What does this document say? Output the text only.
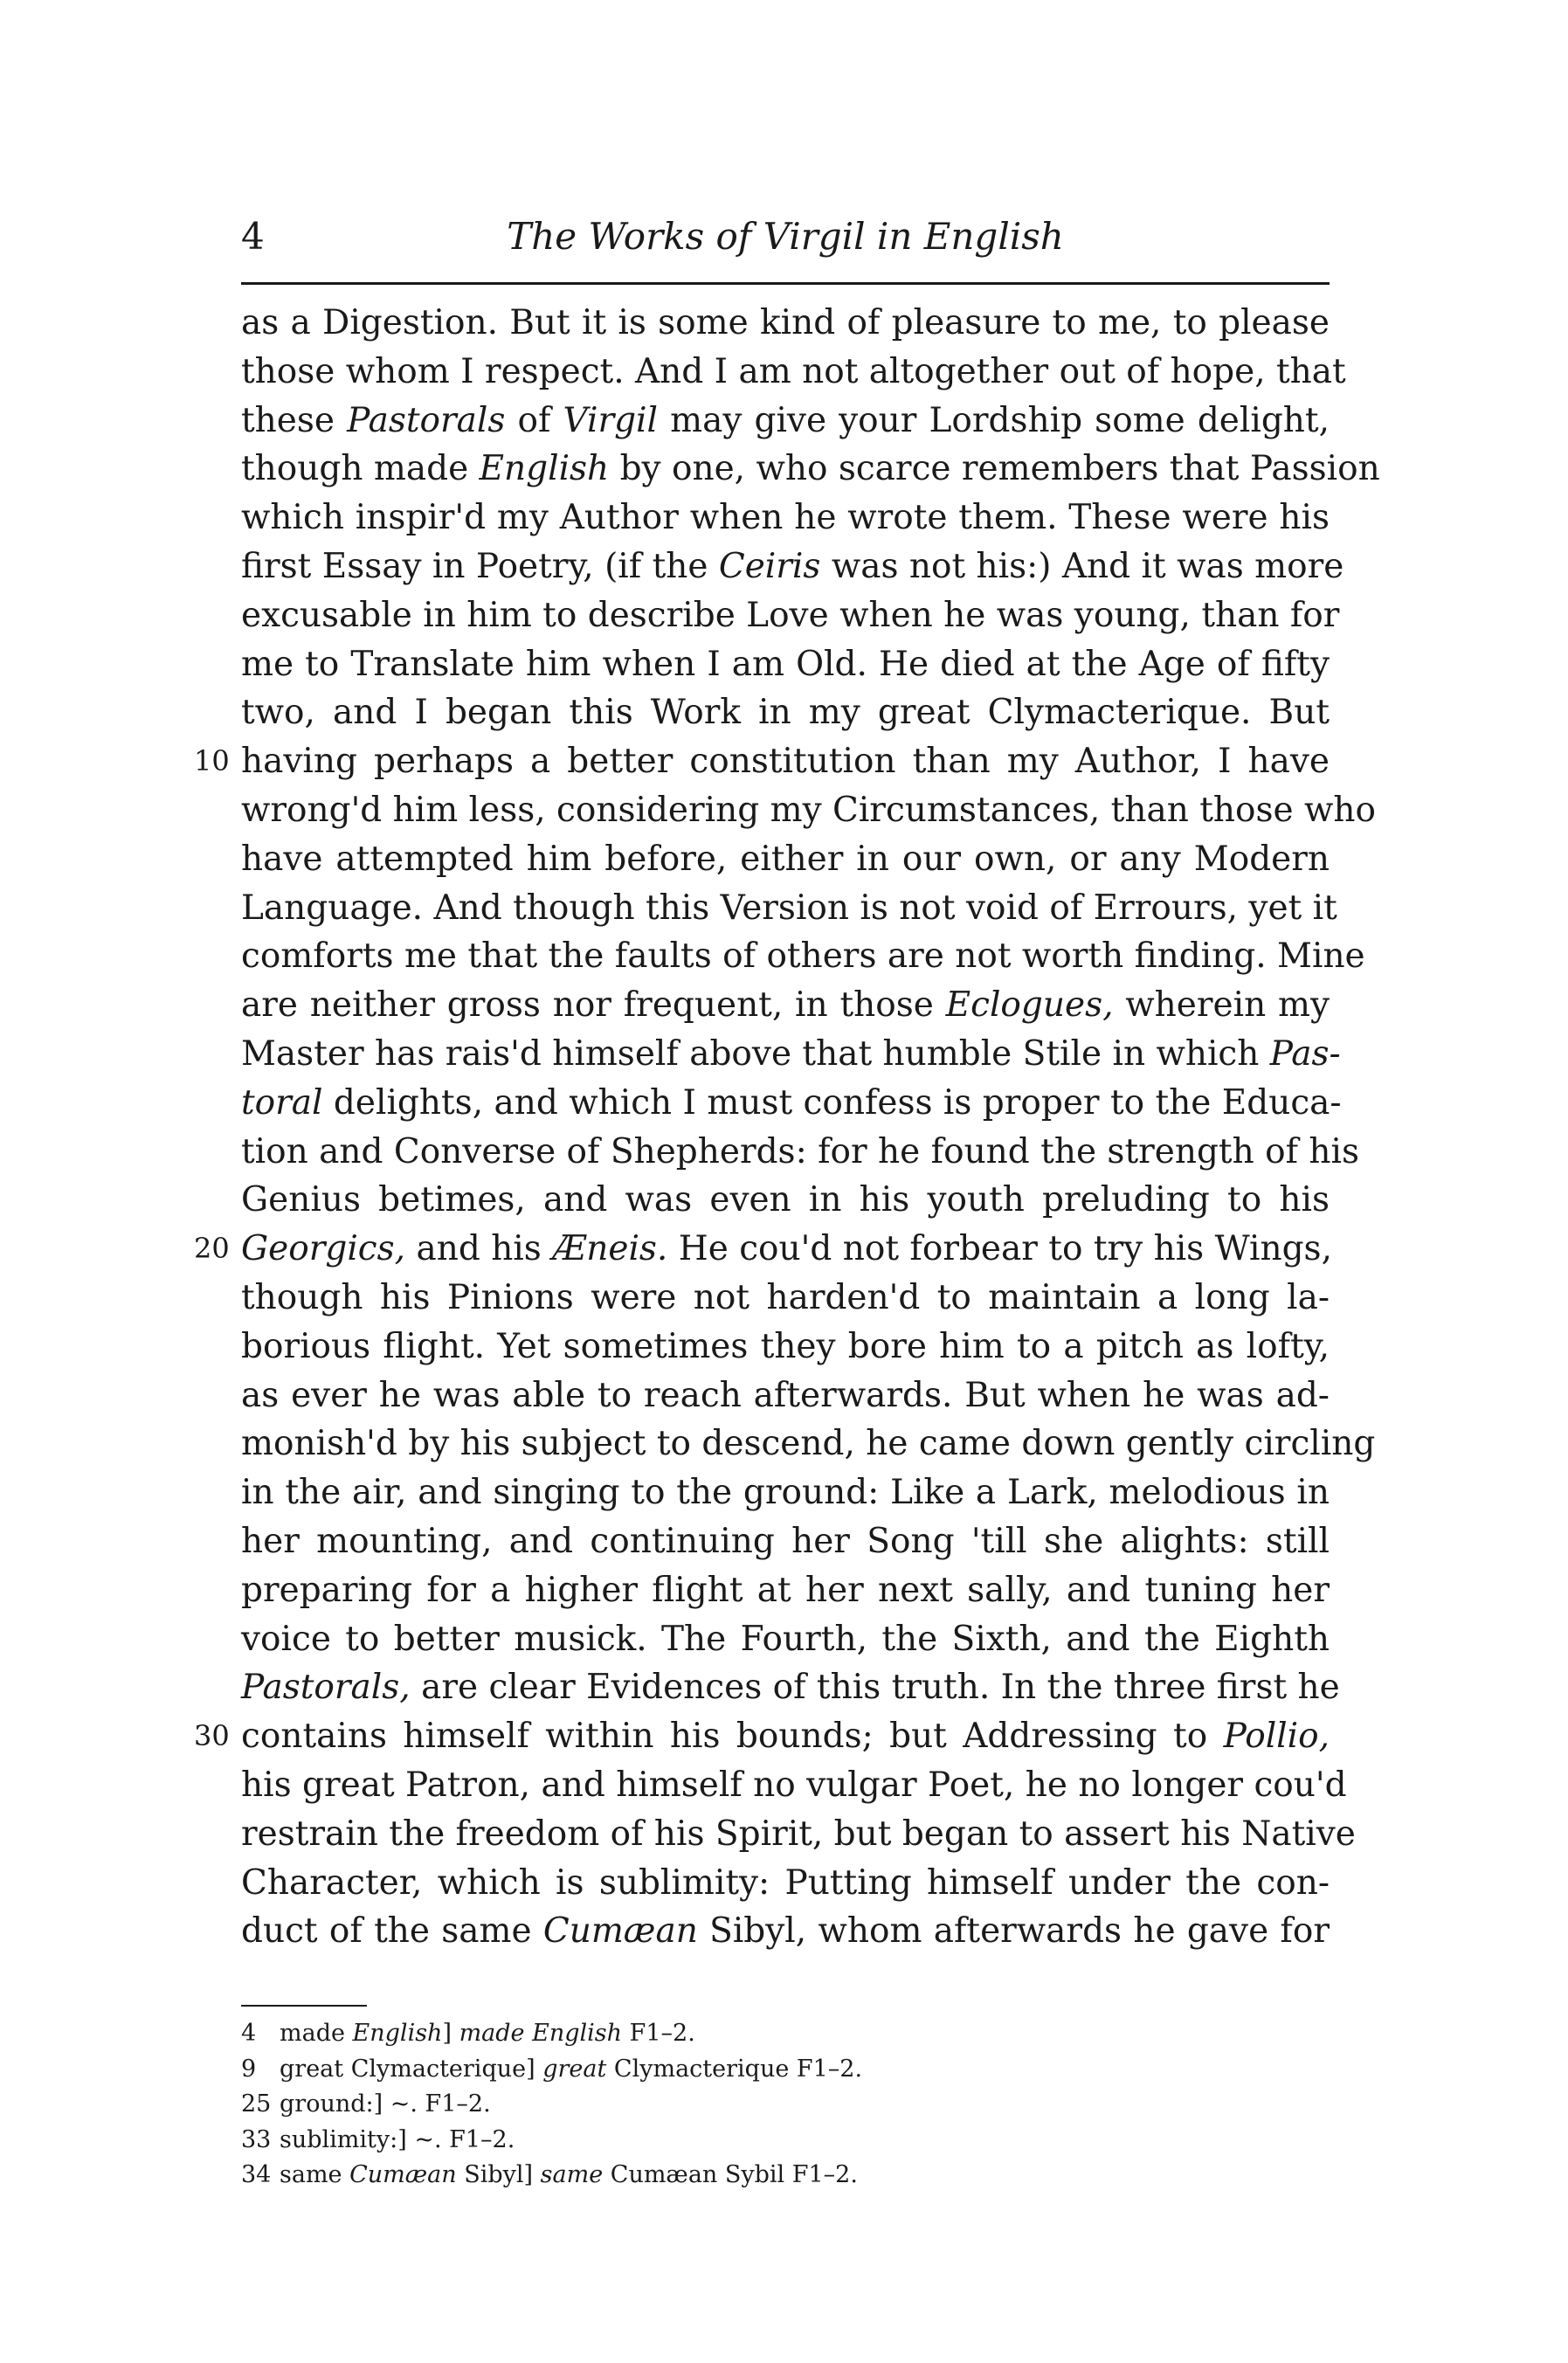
4	The Works of Virgil in English
as a Digestion. But it is some kind of pleasure to me, to please
those whom I respect. And I am not altogether out of hope, that
these Pastorals of Virgil may give your Lordship some delight,
though made English by one, who scarce remembers that Passion
which inspir'd my Author when he wrote them. These were his
first Essay in Poetry, (if the Ceiris was not his:) And it was more
excusable in him to describe Love when he was young, than for
me to Translate him when I am Old. He died at the Age of fifty
two, and I began this Work in my great Clymacterique. But
10 having perhaps a better constitution than my Author, I have
wrong'd him less, considering my Circumstances, than those who
have attempted him before, either in our own, or any Modern
Language. And though this Version is not void of Errours, yet it
comforts me that the faults of others are not worth finding. Mine
are neither gross nor frequent, in those Eclogues, wherein my
Master has rais'd himself above that humble Stile in which Pas-
toral delights, and which I must confess is proper to the Educa-
tion and Converse of Shepherds: for he found the strength of his
Genius betimes, and was even in his youth preluding to his
20 Georgics, and his Æneis. He cou'd not forbear to try his Wings,
though his Pinions were not harden'd to maintain a long la-
borious flight. Yet sometimes they bore him to a pitch as lofty,
as ever he was able to reach afterwards. But when he was ad-
monish'd by his subject to descend, he came down gently circling
in the air, and singing to the ground: Like a Lark, melodious in
her mounting, and continuing her Song 'till she alights: still
preparing for a higher flight at her next sally, and tuning her
voice to better musick. The Fourth, the Sixth, and the Eighth
Pastorals, are clear Evidences of this truth. In the three first he
30 contains himself within his bounds; but Addressing to Pollio,
his great Patron, and himself no vulgar Poet, he no longer cou'd
restrain the freedom of his Spirit, but began to assert his Native
Character, which is sublimity: Putting himself under the con-
duct of the same Cumæan Sibyl, whom afterwards he gave for
4 made English] made English F1–2.
9 great Clymacterique] great Clymacterique F1–2.
25 ground:] ~. F1–2.
33 sublimity:] ~. F1–2.
34 same Cumæan Sibyl] same Cumæan Sybil F1–2.
